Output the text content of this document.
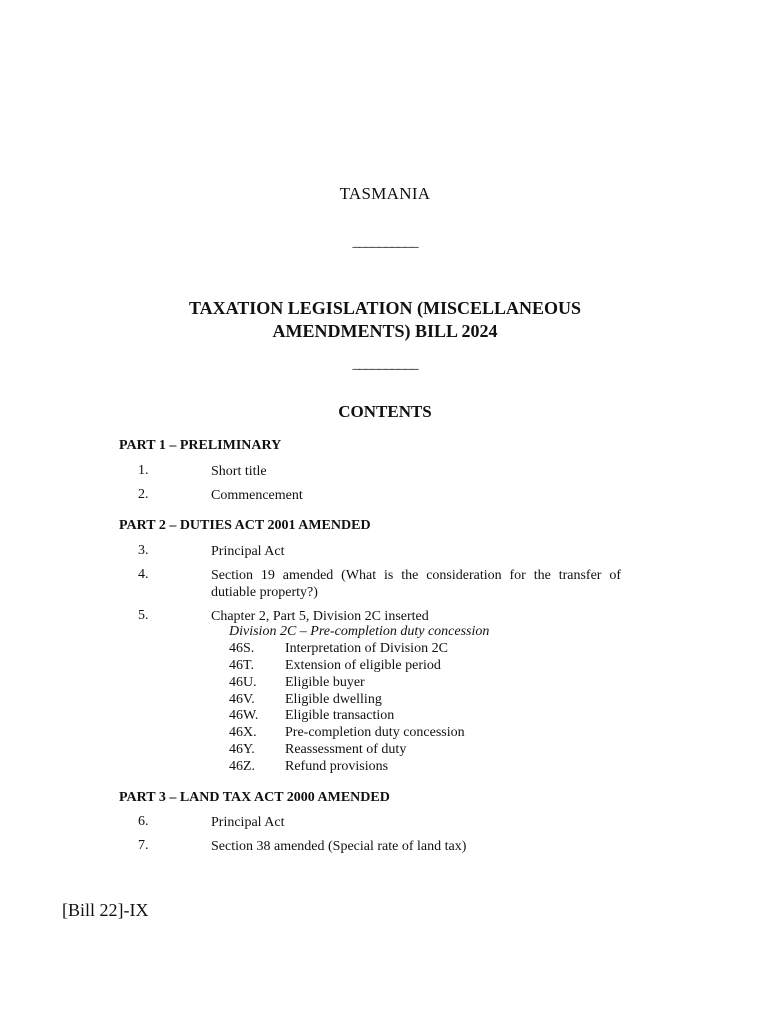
TASMANIA
__________
TAXATION LEGISLATION (MISCELLANEOUS
AMENDMENTS) BILL 2024
__________
CONTENTS
PART 1 – PRELIMINARY
1.	Short title
2.	Commencement
PART 2 – DUTIES ACT 2001 AMENDED
3.	Principal Act
4.	Section 19 amended (What is the consideration for the transfer of dutiable property?)
5.	Chapter 2, Part 5, Division 2C inserted
Division 2C – Pre-completion duty concession
46S. Interpretation of Division 2C
46T. Extension of eligible period
46U. Eligible buyer
46V. Eligible dwelling
46W. Eligible transaction
46X. Pre-completion duty concession
46Y. Reassessment of duty
46Z. Refund provisions
PART 3 – LAND TAX ACT 2000 AMENDED
6.	Principal Act
7.	Section 38 amended (Special rate of land tax)
[Bill 22]-IX
